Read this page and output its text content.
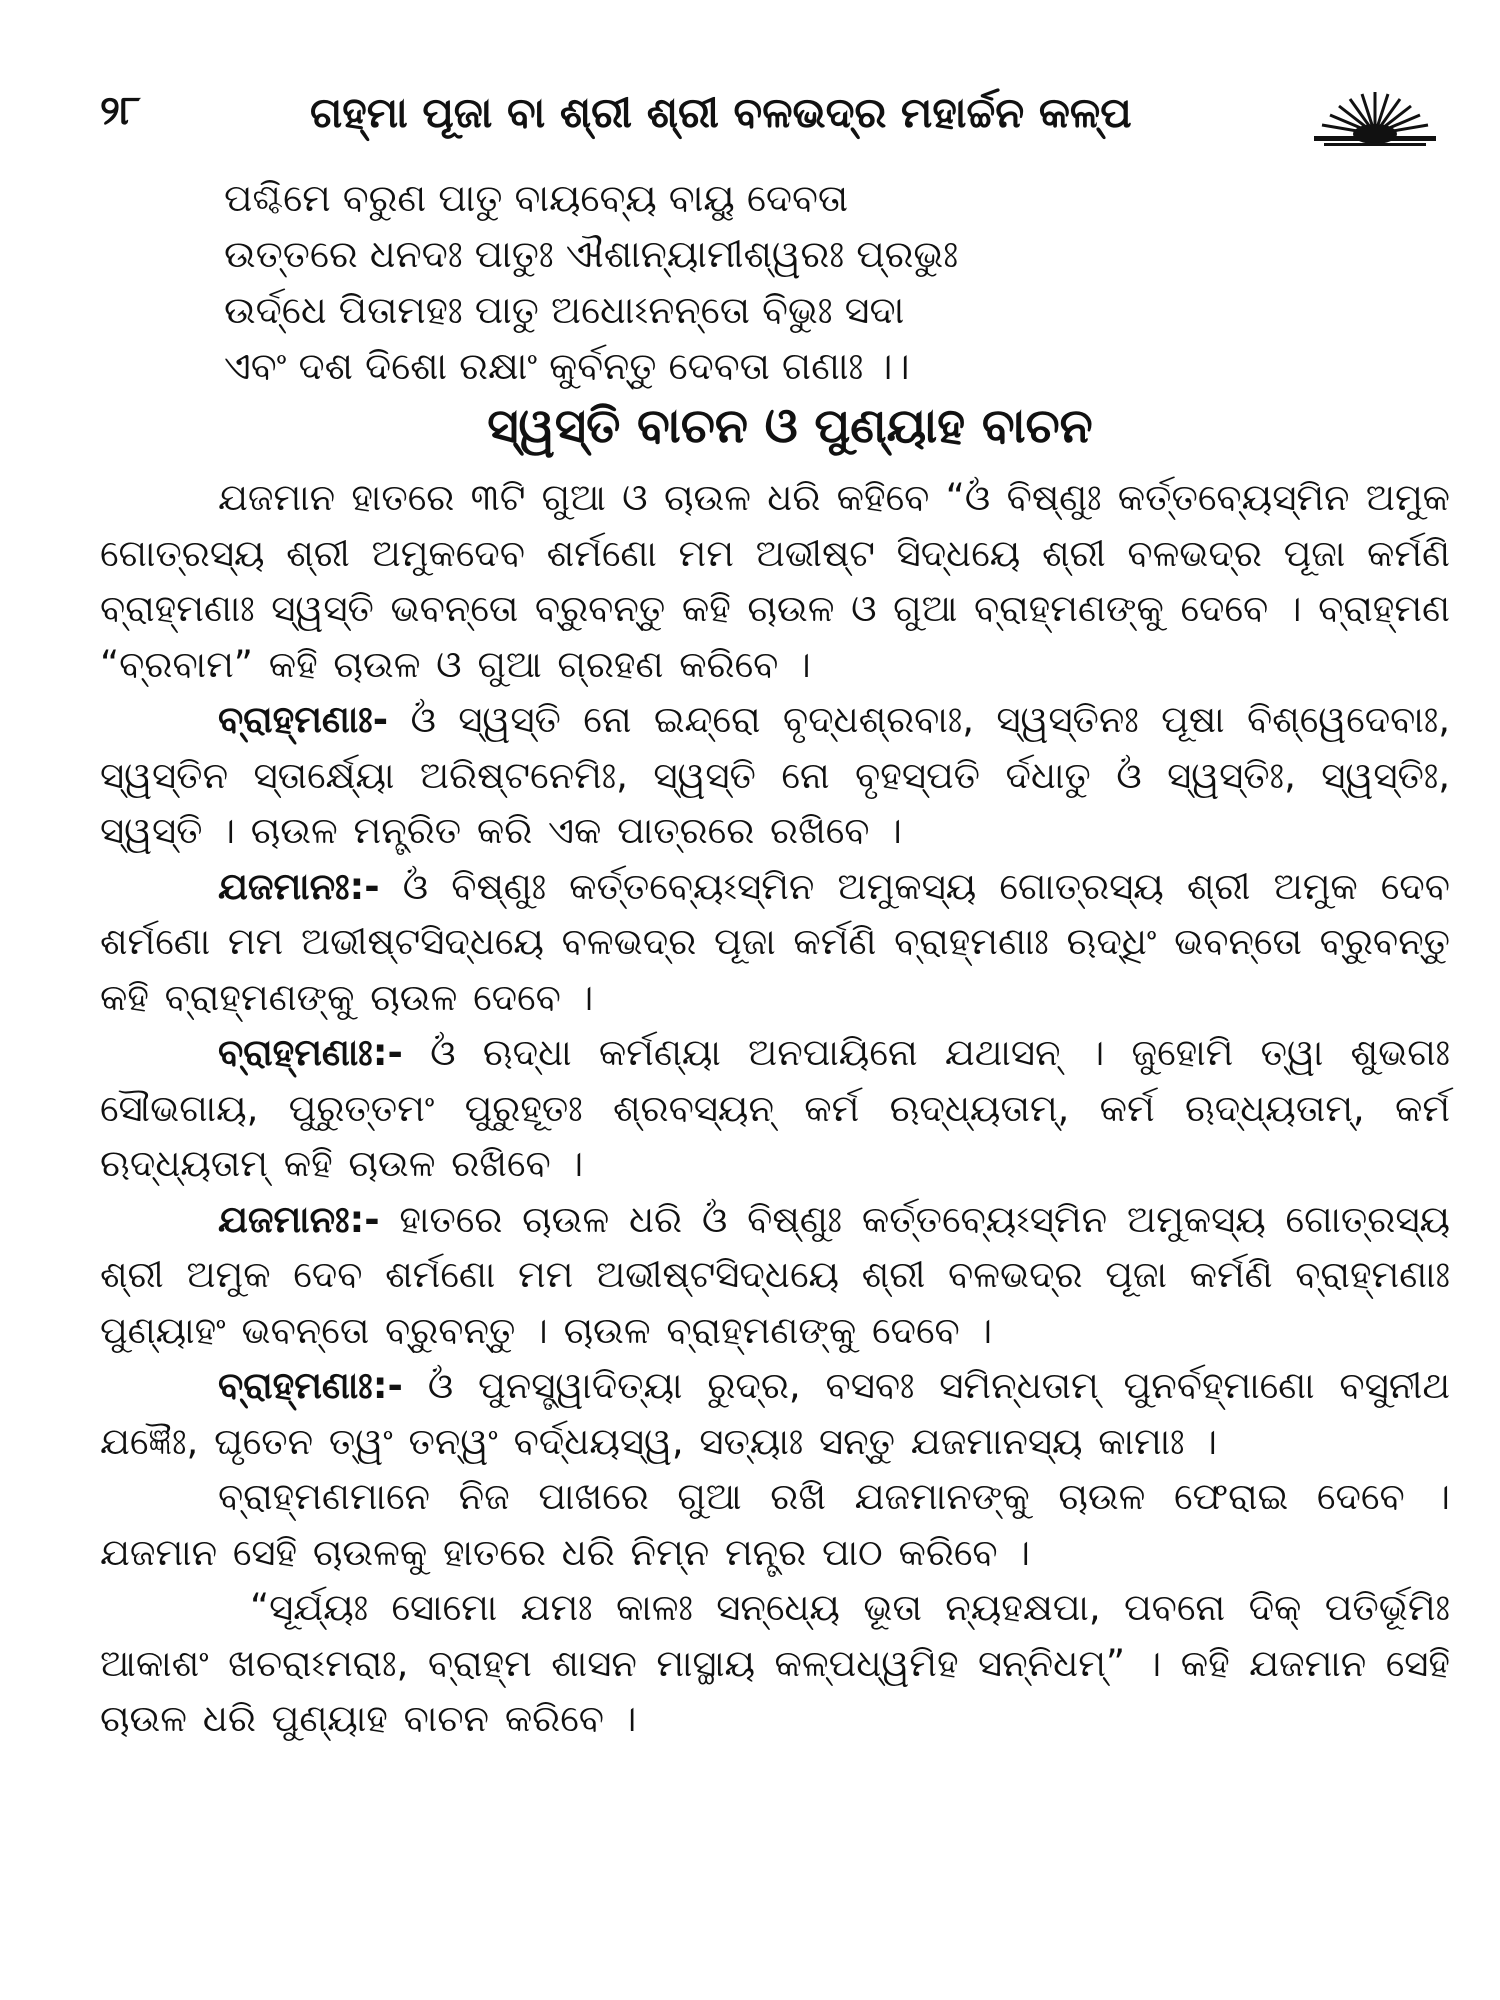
୨୮	ଗହ୍ମା ପୂଜା ବା ଶ୍ରୀ ଶ୍ରୀ ବଳଭଦ୍ର ମହାର୍ଚ୍ଚନ କଳ୍ପ
ପଶ୍ଚିମେ ବରୁଣ ପାତୁ ବାୟବ୍ୟେ ବାୟୁ ଦେବତା
ଉତ୍ତରେ ଧନଦଃ ପାତୁଃ ଐଶାନ୍ୟାମୀଶ୍ୱରଃ ପ୍ରଭୁଃ
ଉର୍ଦ୍ଧେ ପିତାମହଃ ପାତୁ ଅଧୋଽନନ୍ତୋ ବିଭୁଃ ସଦା
ଏବଂ ଦଶ ଦିଶୋ ରକ୍ଷାଂ କୁର୍ବନ୍ତୁ ଦେବତା ଗଣାଃ ।।
ସ୍ୱସ୍ତି ବାଚନ ଓ ପୁଣ୍ୟାହ ବାଚନ

ଯଜମାନ ହାତରେ ୩ଟି ଗୁଆ ଓ ଚାଉଳ ଧରି କହିବେ “ଓଁ ବିଷ୍ଣୁଃ କର୍ତ୍ତବ୍ୟେସ୍ମିନ ଅମୁକ ଗୋତ୍ରସ୍ୟ ଶ୍ରୀ ଅମୁକଦେବ ଶର୍ମଣୋ ମମ ଅଭୀଷ୍ଟ ସିଦ୍ଧୟେ ଶ୍ରୀ ବଳଭଦ୍ର ପୂଜା କର୍ମଣି ବ୍ରାହ୍ମଣାଃ ସ୍ୱସ୍ତି ଭବନ୍ତୋ ବ୍ରୁବନ୍ତୁ କହି ଚାଉଳ ଓ ଗୁଆ ବ୍ରାହ୍ମଣଙ୍କୁ ଦେବେ । ବ୍ରାହ୍ମଣ “ବ୍ରବାମ” କହି ଚାଉଳ ଓ ଗୁଆ ଗ୍ରହଣ କରିବେ ।

ବ୍ରାହ୍ମଣାଃ- ଓଁ ସ୍ୱସ୍ତି ନୋ ଇନ୍ଦ୍ରୋ ବୃଦ୍ଧଶ୍ରବାଃ, ସ୍ୱସ୍ତିନଃ ପୂଷା ବିଶ୍ୱେଦେବାଃ, ସ୍ୱସ୍ତିନ ସ୍ତାର୍କ୍ଷ୍ୟୋ ଅରିଷ୍ଟନେମିଃ, ସ୍ୱସ୍ତି ନୋ ବୃହସ୍ପତି ର୍ଦଧାତୁ ଓଁ ସ୍ୱସ୍ତିଃ, ସ୍ୱସ୍ତିଃ, ସ୍ୱସ୍ତି । ଚାଉଳ ମନ୍ତ୍ରିତ କରି ଏକ ପାତ୍ରରେ ରଖିବେ ।

ଯଜମାନଃ:- ଓଁ ବିଷ୍ଣୁଃ କର୍ତ୍ତବ୍ୟେଽସ୍ମିନ ଅମୁକସ୍ୟ ଗୋତ୍ରସ୍ୟ ଶ୍ରୀ ଅମୁକ ଦେବ ଶର୍ମଣୋ ମମ ଅଭୀଷ୍ଟସିଦ୍ଧୟେ ବଳଭଦ୍ର ପୂଜା କର୍ମଣି ବ୍ରାହ୍ମଣାଃ ଋଦ୍ଧିଂ ଭବନ୍ତୋ ବ୍ରୁବନ୍ତୁ କହି ବ୍ରାହ୍ମଣଙ୍କୁ ଚାଉଳ ଦେବେ ।

ବ୍ରାହ୍ମଣାଃ:- ଓଁ ଋଦ୍ଧା କର୍ମଣ୍ୟା ଅନପାୟିନୋ ଯଥାସନ୍ । ଜୁହୋମି ତ୍ୱା ଶୁଭଗଃ ସୌଭଗାୟ, ପୁରୁତ୍ତମଂ ପୁରୁହୂତଃ ଶ୍ରବସ୍ୟନ୍ କର୍ମ ଋଦ୍ଧ୍ୟତାମ୍, କର୍ମ ଋଦ୍ଧ୍ୟତାମ୍, କର୍ମ ଋଦ୍ଧ୍ୟତାମ୍ କହି ଚାଉଳ ରଖିବେ ।

ଯଜମାନଃ:- ହାତରେ ଚାଉଳ ଧରି ଓଁ ବିଷ୍ଣୁଃ କର୍ତ୍ତବ୍ୟେଽସ୍ମିନ ଅମୁକସ୍ୟ ଗୋତ୍ରସ୍ୟ ଶ୍ରୀ ଅମୁକ ଦେବ ଶର୍ମଣୋ ମମ ଅଭୀଷ୍ଟସିଦ୍ଧୟେ ଶ୍ରୀ ବଳଭଦ୍ର ପୂଜା କର୍ମଣି ବ୍ରାହ୍ମଣାଃ ପୁଣ୍ୟାହଂ ଭବନ୍ତୋ ବ୍ରୁବନ୍ତୁ । ଚାଉଳ ବ୍ରାହ୍ମଣଙ୍କୁ ଦେବେ ।

ବ୍ରାହ୍ମଣାଃ:- ଓଁ ପୁନସ୍ତ୍ୱାଦିତ୍ୟା ରୁଦ୍ର, ବସବଃ ସମିନ୍ଧତାମ୍ ପୁନର୍ବହ୍ମାଣୋ ବସୁନୀଥ ଯଜ୍ଞୈଃ, ଘୃତେନ ତ୍ୱଂ ତନ୍ୱଂ ବର୍ଦ୍ଧୟସ୍ୱ, ସତ୍ୟାଃ ସନ୍ତୁ ଯଜମାନସ୍ୟ କାମାଃ ।

ବ୍ରାହ୍ମଣମାନେ ନିଜ ପାଖରେ ଗୁଆ ରଖି ଯଜମାନଙ୍କୁ ଚାଉଳ ଫେରାଇ ଦେବେ । ଯଜମାନ ସେହି ଚାଉଳକୁ ହାତରେ ଧରି ନିମ୍ନ ମନ୍ତ୍ର ପାଠ କରିବେ ।

“ସୂର୍ଯ୍ୟଃ ସୋମୋ ଯମଃ କାଳଃ ସନ୍ଧ୍ୟେ ଭୂତା ନ୍ୟହକ୍ଷପା, ପବନୋ ଦିକ୍ ପତିର୍ଭୂମିଃ ଆକାଶଂ ଖଚରାଽମରାଃ, ବ୍ରାହ୍ମ ଶାସନ ମାସ୍ଥାୟ କଳ୍ପଧ୍ୱମିହ ସନ୍ନିଧମ୍” । କହି ଯଜମାନ ସେହି ଚାଉଳ ଧରି ପୁଣ୍ୟାହ ବାଚନ କରିବେ ।
